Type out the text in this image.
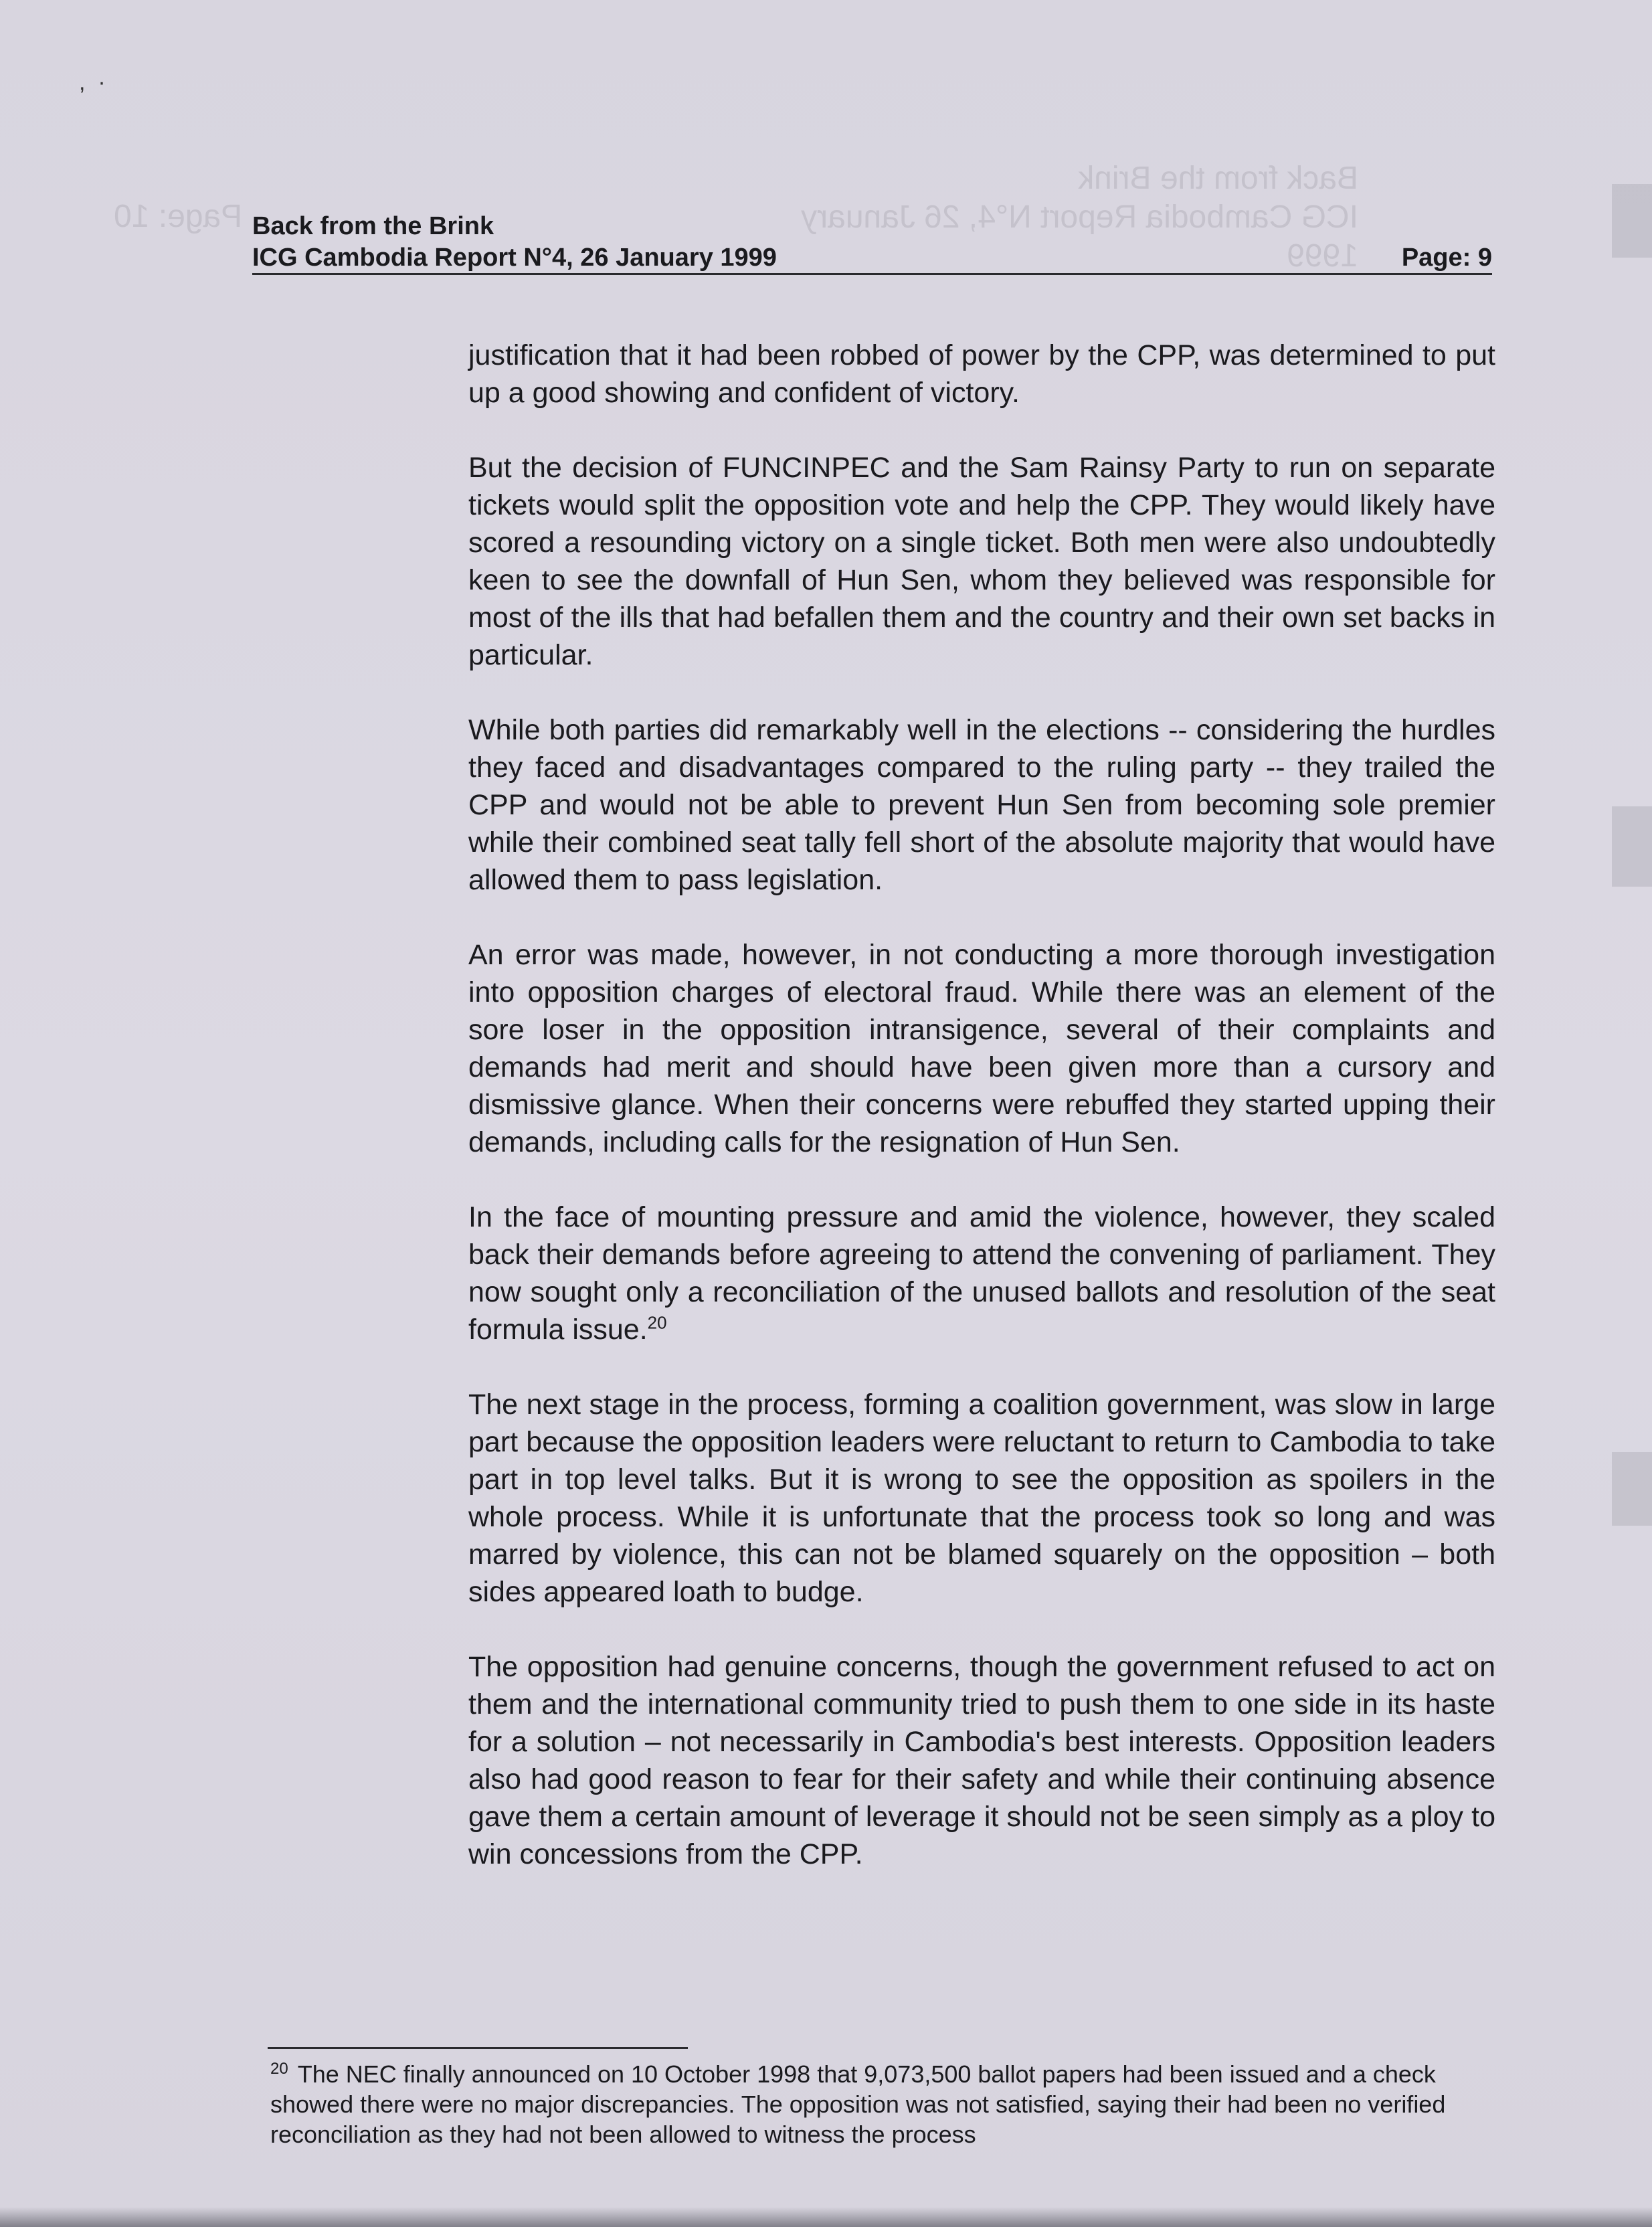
Back from the Brink
ICG Cambodia Report N°4, 26 January 1999
Page: 10
,  ·
Back from the Brink
ICG Cambodia Report N°4, 26 January 1999	Page: 9

justification that it had been robbed of power by the CPP, was determined to put up a good showing and confident of victory.

But the decision of FUNCINPEC and the Sam Rainsy Party to run on separate tickets would split the opposition vote and help the CPP. They would likely have scored a resounding victory on a single ticket. Both men were also undoubtedly keen to see the downfall of Hun Sen, whom they believed was responsible for most of the ills that had befallen them and the country and their own set backs in particular.

While both parties did remarkably well in the elections -- considering the hurdles they faced and disadvantages compared to the ruling party -- they trailed the CPP and would not be able to prevent Hun Sen from becoming sole premier while their combined seat tally fell short of the absolute majority that would have allowed them to pass legislation.

An error was made, however, in not conducting a more thorough investigation into opposition charges of electoral fraud. While there was an element of the sore loser in the opposition intransigence, several of their complaints and demands had merit and should have been given more than a cursory and dismissive glance. When their concerns were rebuffed they started upping their demands, including calls for the resignation of Hun Sen.

In the face of mounting pressure and amid the violence, however, they scaled back their demands before agreeing to attend the convening of parliament. They now sought only a reconciliation of the unused ballots and resolution of the seat formula issue.$^{20}$

The next stage in the process, forming a coalition government, was slow in large part because the opposition leaders were reluctant to return to Cambodia to take part in top level talks. But it is wrong to see the opposition as spoilers in the whole process. While it is unfortunate that the process took so long and was marred by violence, this can not be blamed squarely on the opposition – both sides appeared loath to budge.

The opposition had genuine concerns, though the government refused to act on them and the international community tried to push them to one side in its haste for a solution – not necessarily in Cambodia's best interests. Opposition leaders also had good reason to fear for their safety and while their continuing absence gave them a certain amount of leverage it should not be seen simply as a ploy to win concessions from the CPP.

$^{20}$ The NEC finally announced on 10 October 1998 that 9,073,500 ballot papers had been issued and a check showed there were no major discrepancies. The opposition was not satisfied, saying their had been no verified reconciliation as they had not been allowed to witness the process
